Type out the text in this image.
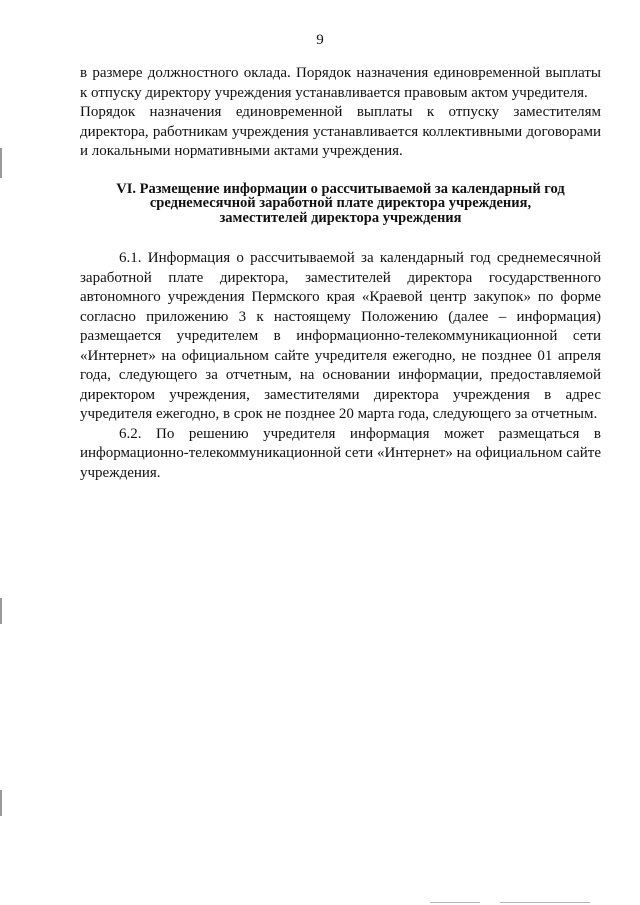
9

в размере должностного оклада. Порядок назначения единовременной выплаты к отпуску директору учреждения устанавливается правовым актом учредителя.

Порядок назначения единовременной выплаты к отпуску заместителям директора, работникам учреждения устанавливается коллективными договорами и локальными нормативными актами учреждения.

VI. Размещение информации о рассчитываемой за календарный год
среднемесячной заработной плате директора учреждения,
заместителей директора учреждения

6.1. Информация о рассчитываемой за календарный год среднемесячной заработной плате директора, заместителей директора государственного автономного учреждения Пермского края «Краевой центр закупок» по форме согласно приложению 3 к настоящему Положению (далее – информация) размещается учредителем в информационно-телекоммуникационной сети «Интернет» на официальном сайте учредителя ежегодно, не позднее 01 апреля года, следующего за отчетным, на основании информации, предоставляемой директором учреждения, заместителями директора учреждения в адрес учредителя ежегодно, в срок не позднее 20 марта года, следующего за отчетным.

6.2. По решению учредителя информация может размещаться в информационно-телекоммуникационной сети «Интернет» на официальном сайте учреждения.
